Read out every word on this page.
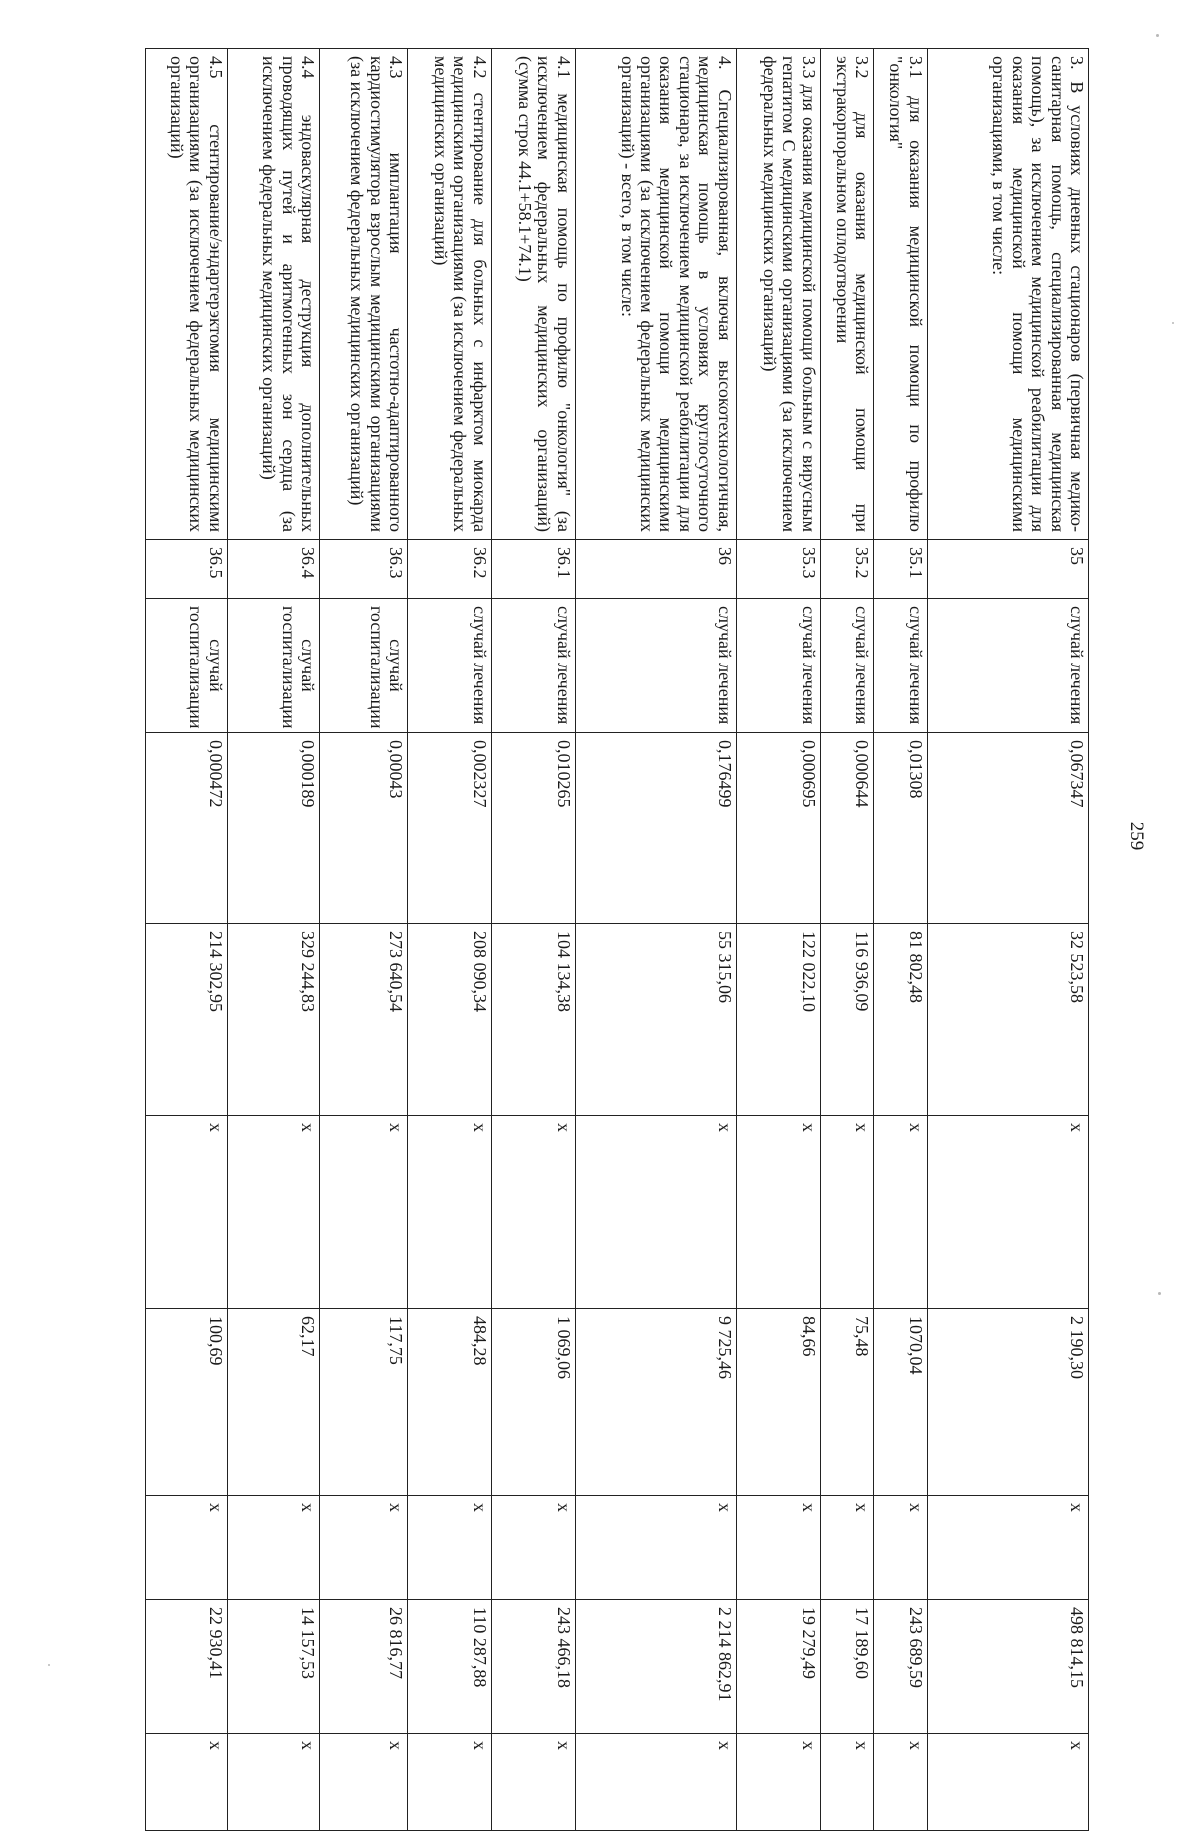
259
3. В условиях дневных стационаров (первичная медико-санитарная помощь, специализированная медицинская помощь), за исключением медицинской реабилитации для оказания медицинской помощи медицинскими организациями, в том числе:	35	случай лечения	0,067347	32 523,58	х	2 190,30	х	498 814,15	х
3.1 для оказания медицинской помощи по профилю "онкология"	35.1	случай лечения	0,01308	81 802,48	х	1070,04	х	243 689,59	х
3.2 для оказания медицинской помощи при экстракорпоральном оплодотворении	35.2	случай лечения	0,000644	116 936,09	х	75,48	х	17 189,60	х
3.3 для оказания медицинской помощи больным с вирусным гепатитом С медицинскими организациями (за исключением федеральных медицинских организаций)	35.3	случай лечения	0,000695	122 022,10	х	84,66	х	19 279,49	х
4. Специализированная, включая высокотехнологичная, медицинская помощь в условиях круглосуточного стационара, за исключением медицинской реабилитации для оказания медицинской помощи медицинскими организациями (за исключением федеральных медицинских организаций) - всего, в том числе:	36	случай лечения	0,176499	55 315,06	х	9 725,46	х	2 214 862,91	х
4.1 медицинская помощь по профилю "онкология" (за исключением федеральных медицинских организаций) (сумма строк 44.1+58.1+74.1)	36.1	случай лечения	0,010265	104 134,38	х	1 069,06	х	243 466,18	х
4.2 стентирование для больных с инфарктом миокарда медицинскими организациями (за исключением федеральных медицинских организаций)	36.2	случай лечения	0,002327	208 090,34	х	484,28	х	110 287,88	х
4.3 имплантация частотно-адаптированного кардиостимулятора взрослым медицинскими организациями (за исключением федеральных медицинских организаций)	36.3	случай госпитализации	0,00043	273 640,54	х	117,75	х	26 816,77	х
4.4 эндоваскулярная деструкция дополнительных проводящих путей и аритмогенных зон сердца (за исключением федеральных медицинских организаций)	36.4	случай госпитализации	0,000189	329 244,83	х	62,17	х	14 157,53	х
4.5 стентирование/эндартерэктомия медицинскими организациями (за исключением федеральных медицинских организаций)	36.5	случай госпитализации	0,000472	214 302,95	х	100,69	х	22 930,41	х
